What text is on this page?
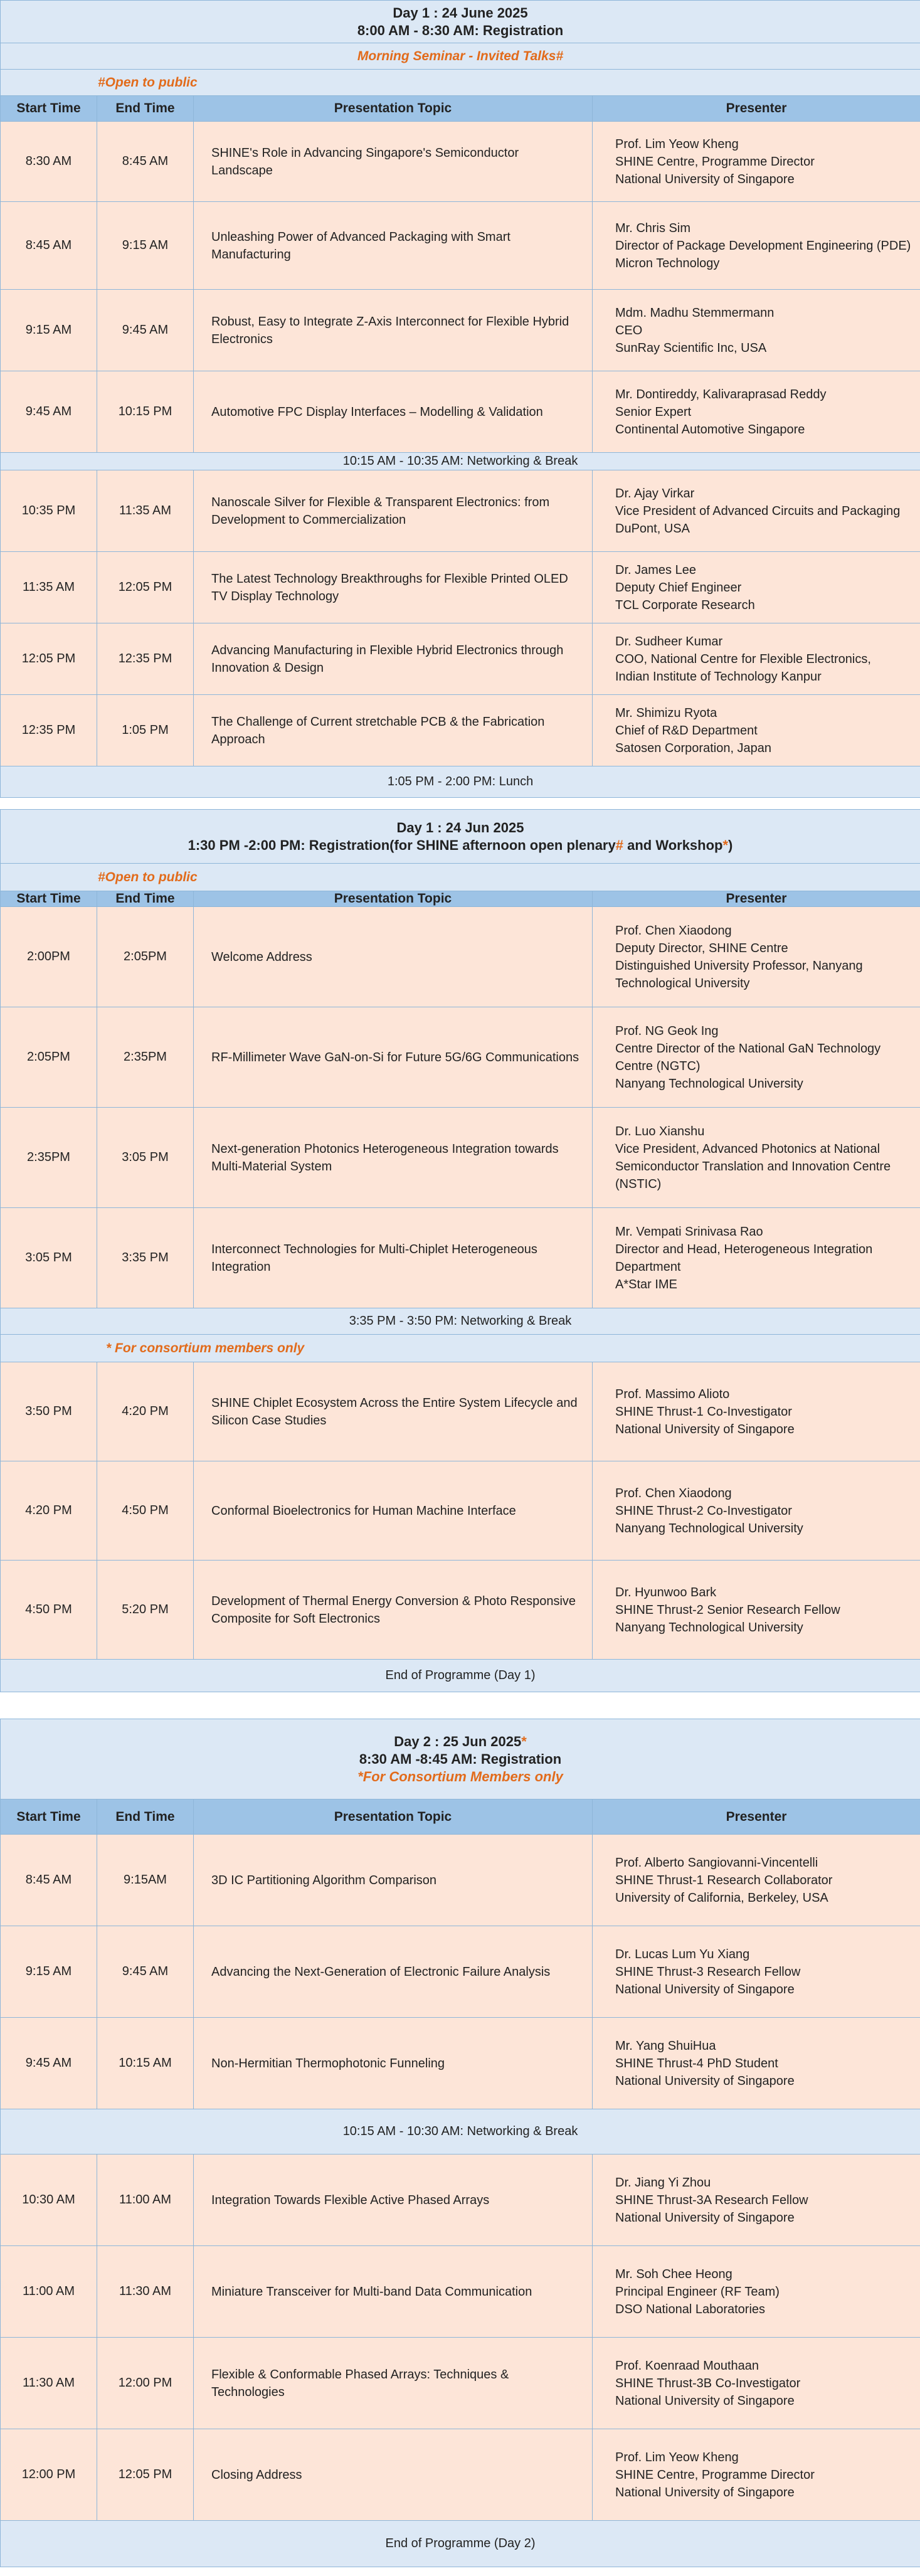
Day 1 : 24 June 2025
8:00 AM - 8:30 AM: Registration			

Morning Seminar - Invited Talks#			
#Open to public			
Start Time	End Time	Presentation Topic	Presenter
8:30 AM	8:45 AM	SHINE's Role in Advancing Singapore's Semiconductor Landscape	Prof. Lim Yeow Kheng
SHINE Centre, Programme Director
National University of Singapore

8:45 AM	9:15 AM	Unleashing Power of Advanced Packaging with Smart Manufacturing	Mr. Chris Sim
Director of Package Development Engineering (PDE)
Micron Technology

9:15 AM	9:45 AM	Robust, Easy to Integrate Z-Axis Interconnect for Flexible Hybrid Electronics	Mdm. Madhu Stemmermann
CEO
SunRay Scientific Inc, USA

9:45 AM	10:15 PM	Automotive FPC Display Interfaces – Modelling & Validation	Mr. Dontireddy, Kalivaraprasad Reddy
Senior Expert
Continental Automotive Singapore

10:15 AM - 10:35 AM: Networking & Break			
10:35 PM	11:35 AM	Nanoscale Silver for Flexible & Transparent Electronics: from Development to Commercialization	Dr. Ajay Virkar
Vice President of Advanced Circuits and Packaging
DuPont, USA

11:35 AM	12:05 PM	The Latest Technology Breakthroughs for Flexible Printed OLED TV Display Technology	Dr. James Lee
Deputy Chief Engineer
TCL Corporate Research

12:05 PM	12:35 PM	Advancing Manufacturing in Flexible Hybrid Electronics through Innovation & Design	Dr. Sudheer Kumar
COO, National Centre for Flexible Electronics,
Indian Institute of Technology Kanpur

12:35 PM	1:05 PM	The Challenge of Current stretchable PCB & the Fabrication Approach	Mr. Shimizu Ryota
Chief of R&D Department
Satosen Corporation, Japan

1:05 PM - 2:00 PM: Lunch			
Day 1 : 24 Jun 2025
1:30 PM -2:00 PM: Registration(for SHINE afternoon open plenary# and Workshop*)			

#Open to public			
Start Time	End Time	Presentation Topic	Presenter
2:00PM	2:05PM	Welcome Address	Prof. Chen Xiaodong
Deputy Director, SHINE Centre
Distinguished University Professor, Nanyang Technological University

2:05PM	2:35PM	RF-Millimeter Wave GaN-on-Si for Future 5G/6G Communications	Prof. NG Geok Ing
Centre Director of the National GaN Technology Centre (NGTC)
Nanyang Technological University

2:35PM	3:05 PM	Next-generation Photonics Heterogeneous Integration towards Multi-Material System	Dr. Luo Xianshu
Vice President, Advanced Photonics at National Semiconductor Translation and Innovation Centre (NSTIC)

3:05 PM	3:35 PM	Interconnect Technologies for Multi-Chiplet Heterogeneous Integration	Mr. Vempati Srinivasa Rao
Director and Head, Heterogeneous Integration Department
A*Star IME

3:35 PM - 3:50 PM: Networking & Break			
* For consortium members only			
3:50 PM	4:20 PM	SHINE Chiplet Ecosystem Across the Entire System Lifecycle and Silicon Case Studies	Prof. Massimo Alioto
SHINE Thrust-1 Co-Investigator
National University of Singapore

4:20 PM	4:50 PM	Conformal Bioelectronics for Human Machine Interface	Prof. Chen Xiaodong
SHINE Thrust-2 Co-Investigator
Nanyang Technological University

4:50 PM	5:20 PM	Development of Thermal Energy Conversion & Photo Responsive Composite for Soft Electronics	Dr. Hyunwoo Bark
SHINE Thrust-2 Senior Research Fellow
Nanyang Technological University

End of Programme (Day 1)			
Day 2 : 25 Jun 2025*
8:30 AM -8:45 AM: Registration
*For Consortium Members only			

Start Time	End Time	Presentation Topic	Presenter
8:45 AM	9:15AM	3D IC Partitioning Algorithm Comparison	Prof. Alberto Sangiovanni-Vincentelli
SHINE Thrust-1 Research Collaborator
University of California, Berkeley, USA

9:15 AM	9:45 AM	Advancing the Next-Generation of Electronic Failure Analysis	Dr. Lucas Lum Yu Xiang
SHINE Thrust-3 Research Fellow
National University of Singapore

9:45 AM	10:15 AM	Non-Hermitian Thermophotonic Funneling	Mr. Yang ShuiHua
SHINE Thrust-4 PhD Student
National University of Singapore

10:15 AM - 10:30 AM: Networking & Break			
10:30 AM	11:00 AM	Integration Towards Flexible Active Phased Arrays	Dr. Jiang Yi Zhou
SHINE Thrust-3A Research Fellow
National University of Singapore

11:00 AM	11:30 AM	Miniature Transceiver for Multi-band Data Communication	Mr. Soh Chee Heong
Principal Engineer (RF Team)
DSO National Laboratories

11:30 AM	12:00 PM	Flexible & Conformable Phased Arrays: Techniques & Technologies	Prof. Koenraad Mouthaan
SHINE Thrust-3B Co-Investigator
National University of Singapore

12:00 PM	12:05 PM	Closing Address	Prof. Lim Yeow Kheng
SHINE Centre, Programme Director
National University of Singapore

End of Programme (Day 2)			
